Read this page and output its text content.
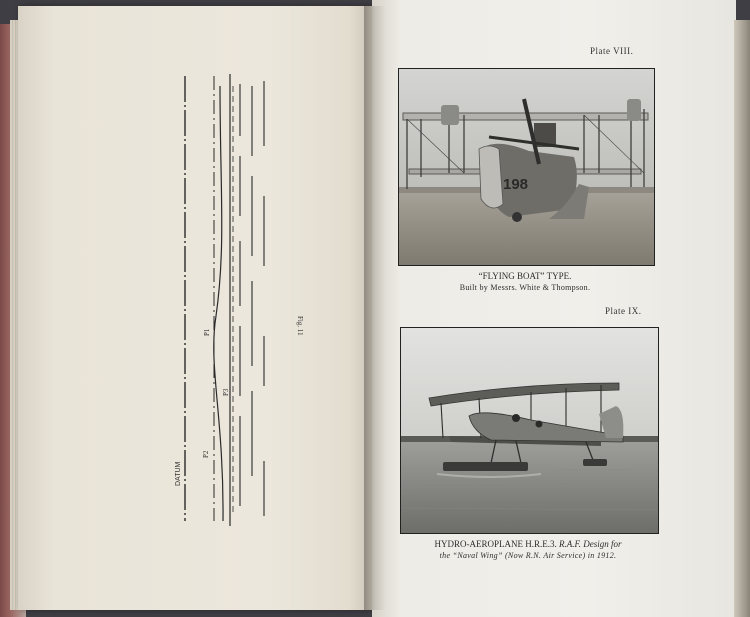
DATUM
P1
P2
P3
Fig. 11
Plate VIII.
198
“FLYING BOAT” TYPE.
Built by Messrs. White & Thompson.
Plate IX.
HYDRO-AEROPLANE H.R.E.3. R.A.F. Design for
the “Naval Wing” (Now R.N. Air Service) in 1912.
